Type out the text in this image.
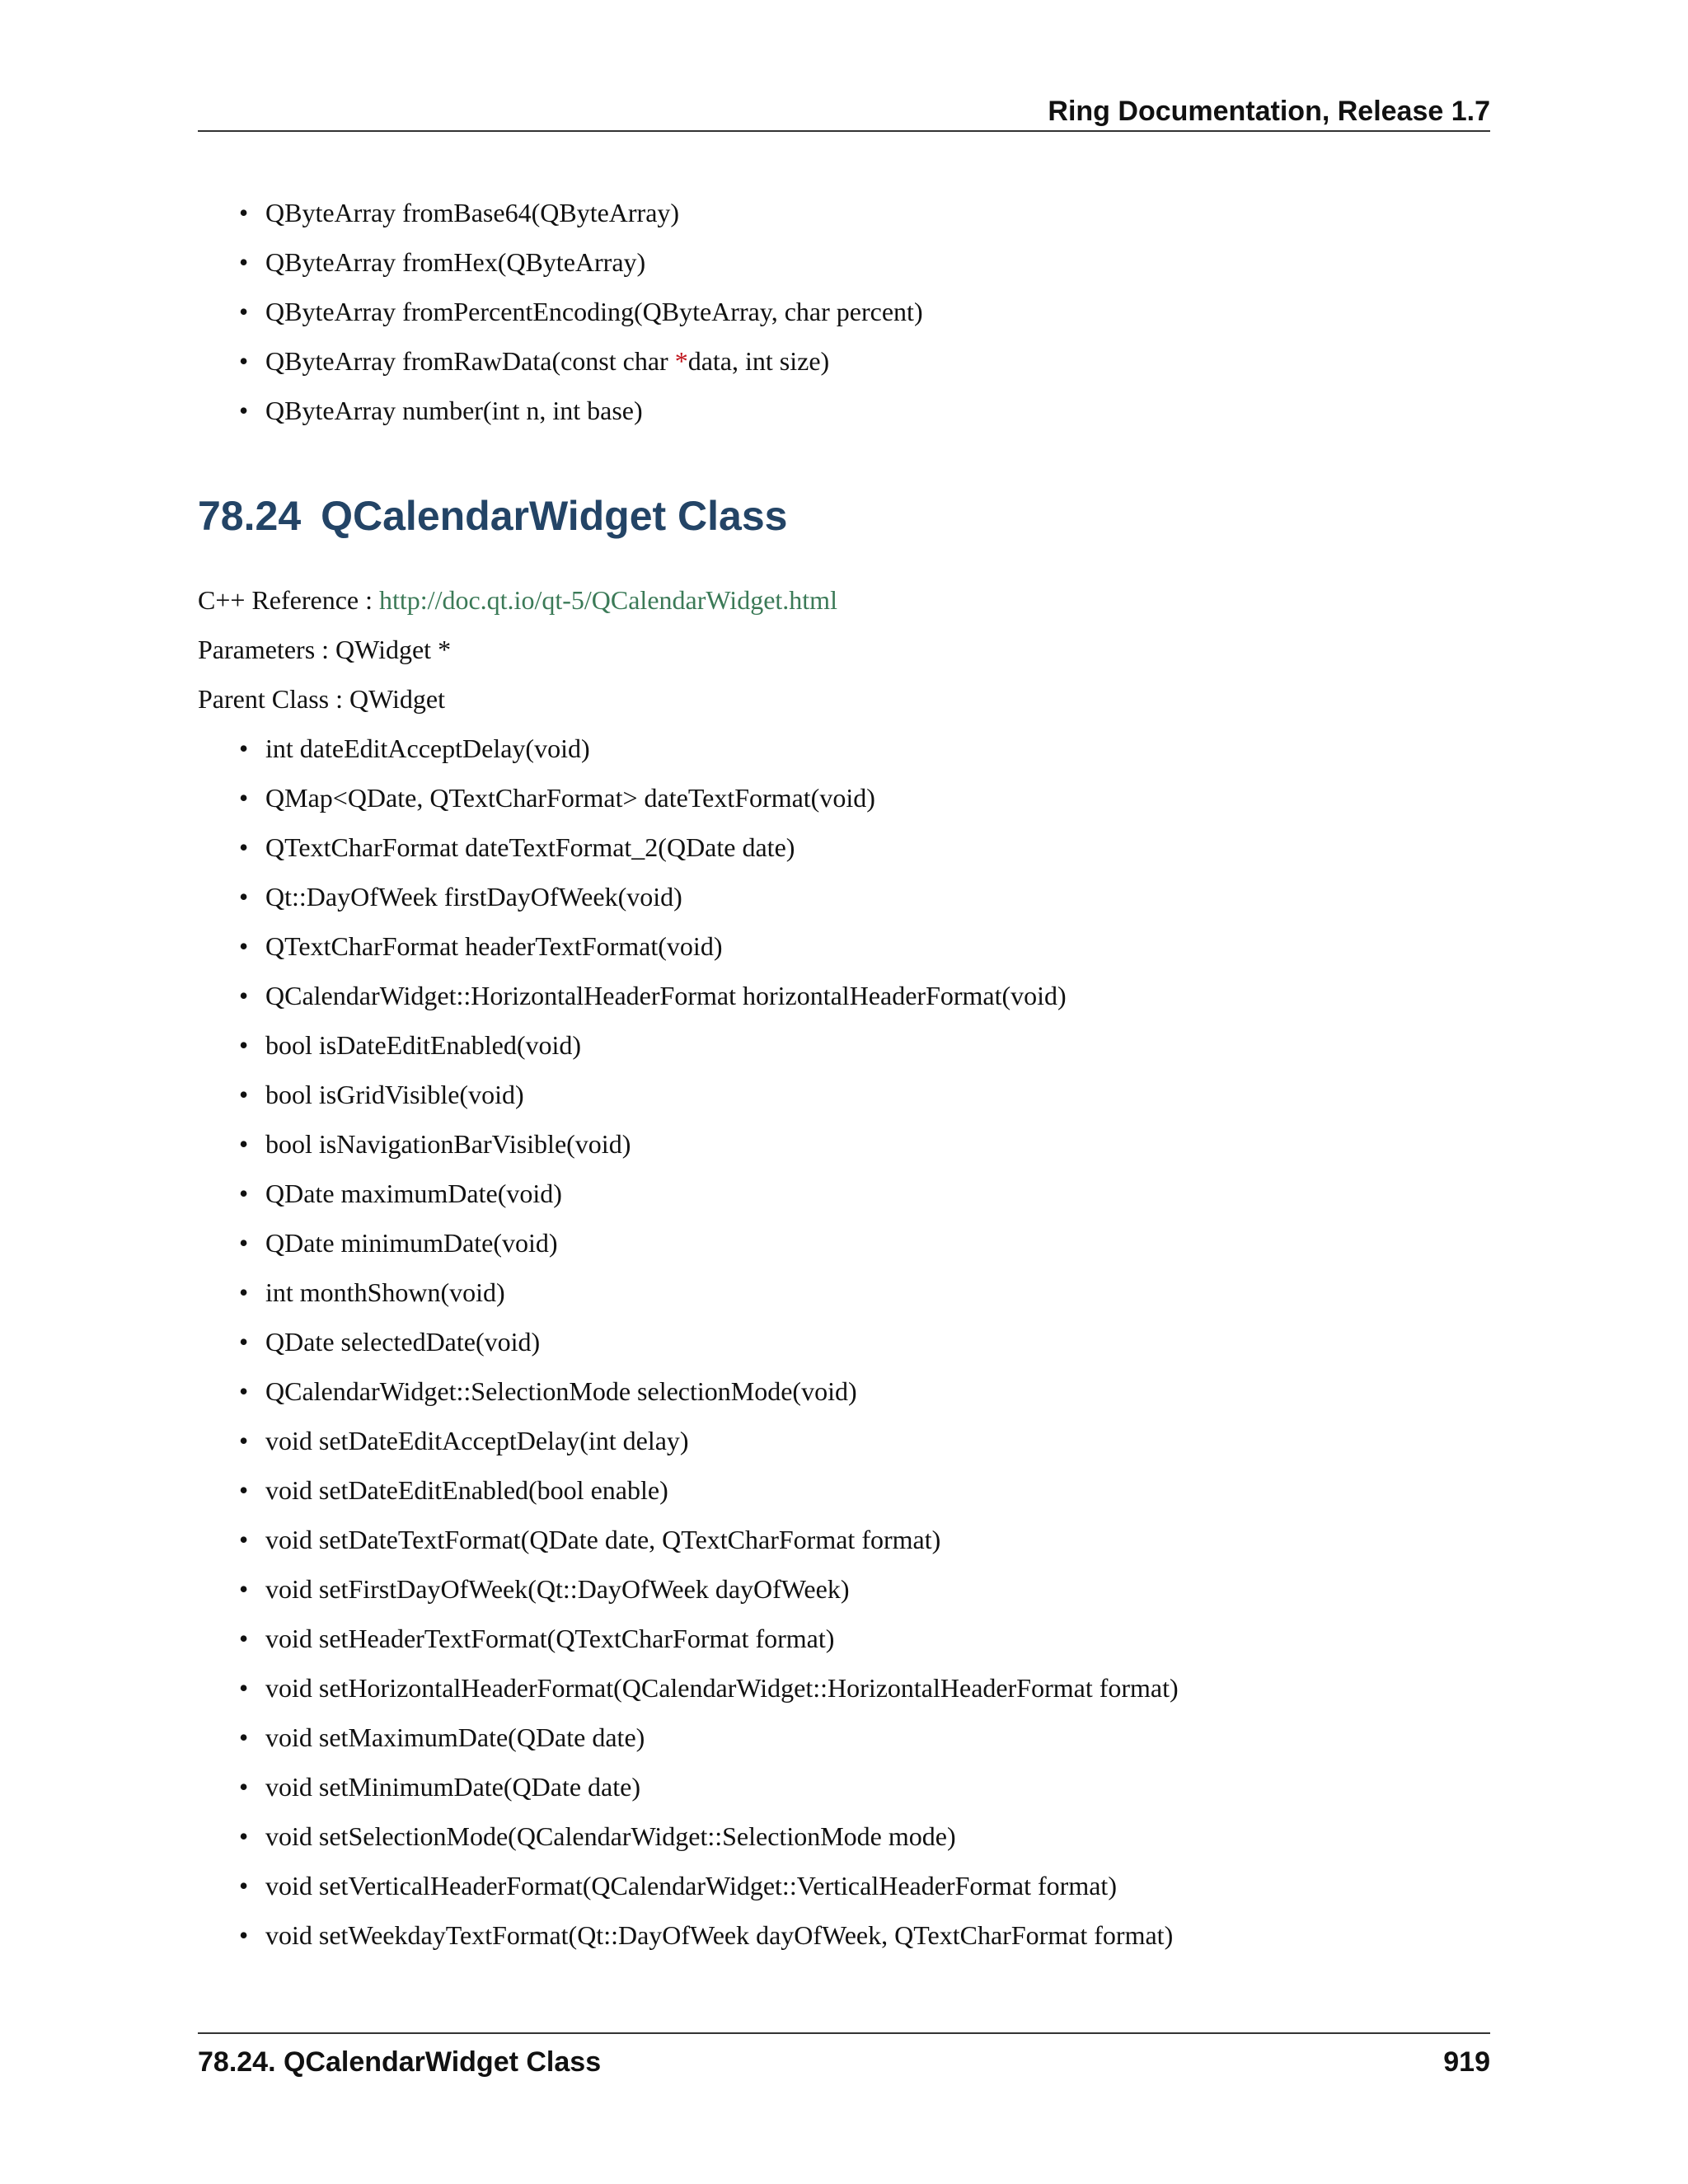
Ring Documentation, Release 1.7
• QByteArray fromBase64(QByteArray)
• QByteArray fromHex(QByteArray)
• QByteArray fromPercentEncoding(QByteArray, char percent)
• QByteArray fromRawData(const char *data, int size)
• QByteArray number(int n, int base)
78.24 QCalendarWidget Class
C++ Reference : http://doc.qt.io/qt-5/QCalendarWidget.html
Parameters : QWidget *
Parent Class : QWidget
• int dateEditAcceptDelay(void)
• QMap<QDate, QTextCharFormat> dateTextFormat(void)
• QTextCharFormat dateTextFormat_2(QDate date)
• Qt::DayOfWeek firstDayOfWeek(void)
• QTextCharFormat headerTextFormat(void)
• QCalendarWidget::HorizontalHeaderFormat horizontalHeaderFormat(void)
• bool isDateEditEnabled(void)
• bool isGridVisible(void)
• bool isNavigationBarVisible(void)
• QDate maximumDate(void)
• QDate minimumDate(void)
• int monthShown(void)
• QDate selectedDate(void)
• QCalendarWidget::SelectionMode selectionMode(void)
• void setDateEditAcceptDelay(int delay)
• void setDateEditEnabled(bool enable)
• void setDateTextFormat(QDate date, QTextCharFormat format)
• void setFirstDayOfWeek(Qt::DayOfWeek dayOfWeek)
• void setHeaderTextFormat(QTextCharFormat format)
• void setHorizontalHeaderFormat(QCalendarWidget::HorizontalHeaderFormat format)
• void setMaximumDate(QDate date)
• void setMinimumDate(QDate date)
• void setSelectionMode(QCalendarWidget::SelectionMode mode)
• void setVerticalHeaderFormat(QCalendarWidget::VerticalHeaderFormat format)
• void setWeekdayTextFormat(Qt::DayOfWeek dayOfWeek, QTextCharFormat format)
78.24. QCalendarWidget Class	919
